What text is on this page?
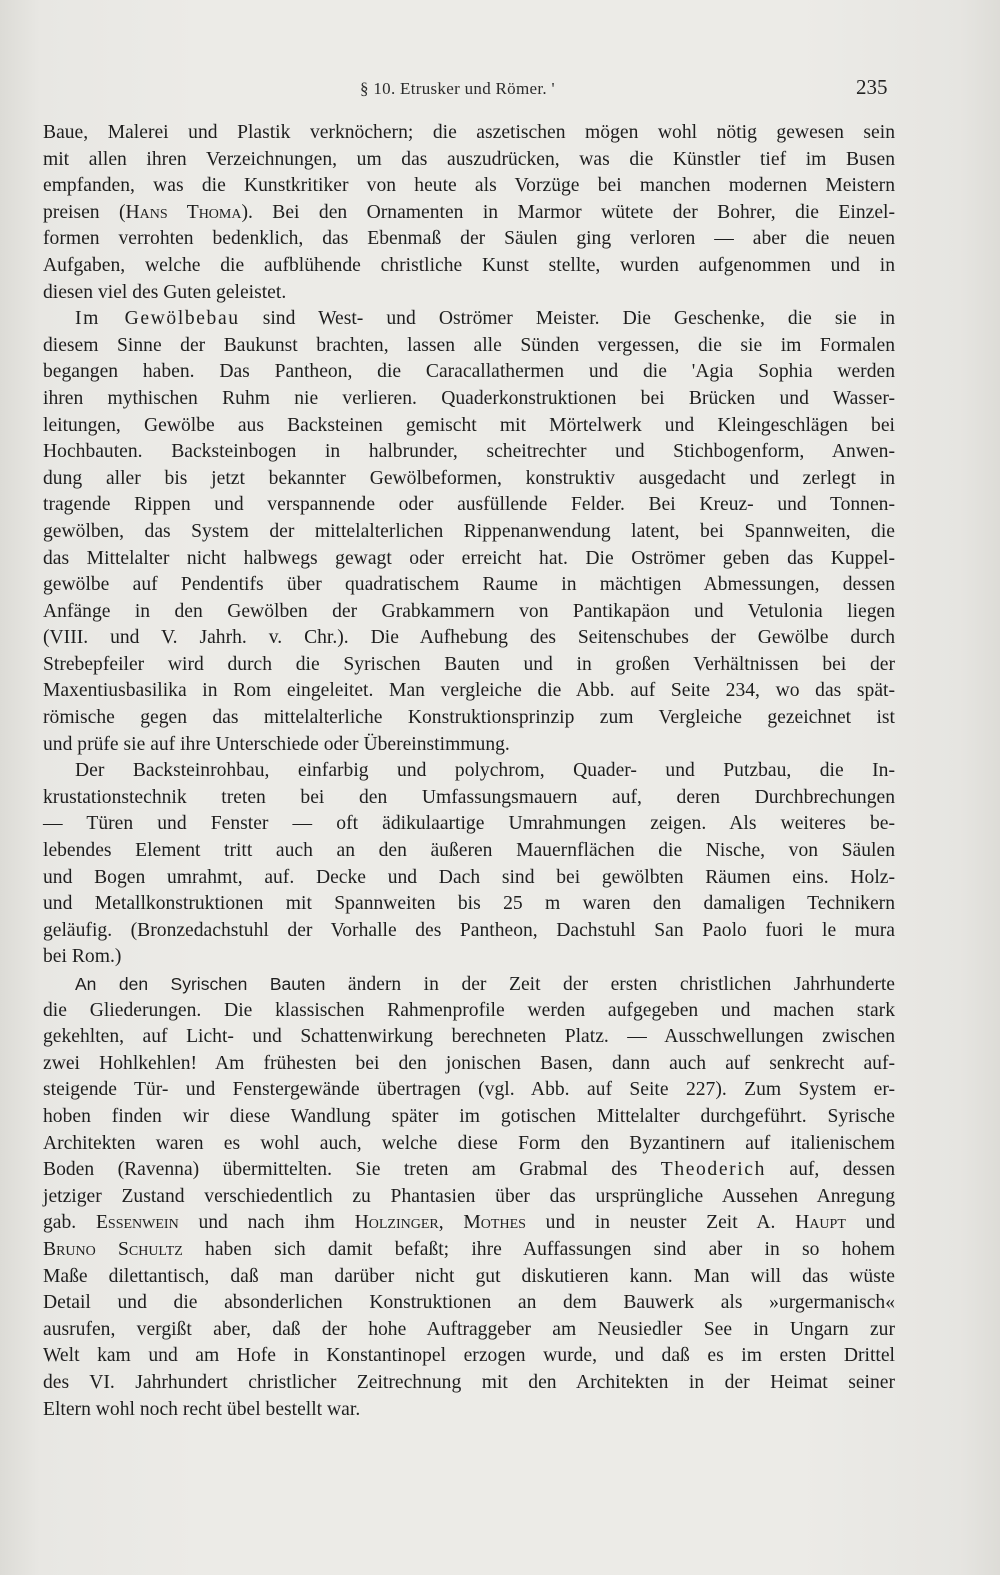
§ 10. Etrusker und Römer. '	235
Baue, Malerei und Plastik verknöchern; die aszetischen mögen wohl nötig gewesen sein
mit allen ihren Verzeichnungen, um das auszudrücken, was die Künstler tief im Busen
empfanden, was die Kunstkritiker von heute als Vorzüge bei manchen modernen Meistern
preisen (Hans Thoma). Bei den Ornamenten in Marmor wütete der Bohrer, die Einzel-
formen verrohten bedenklich, das Ebenmaß der Säulen ging verloren — aber die neuen
Aufgaben, welche die aufblühende christliche Kunst stellte, wurden aufgenommen und in
diesen viel des Guten geleistet.
Im Gewölbebau sind West- und Oströmer Meister. Die Geschenke, die sie in
diesem Sinne der Baukunst brachten, lassen alle Sünden vergessen, die sie im Formalen
begangen haben. Das Pantheon, die Caracallathermen und die 'Agia Sophia werden
ihren mythischen Ruhm nie verlieren. Quaderkonstruktionen bei Brücken und Wasser-
leitungen, Gewölbe aus Backsteinen gemischt mit Mörtelwerk und Kleingeschlägen bei
Hochbauten. Backsteinbogen in halbrunder, scheitrechter und Stichbogenform, Anwen-
dung aller bis jetzt bekannter Gewölbeformen, konstruktiv ausgedacht und zerlegt in
tragende Rippen und verspannende oder ausfüllende Felder. Bei Kreuz- und Tonnen-
gewölben, das System der mittelalterlichen Rippenanwendung latent, bei Spannweiten, die
das Mittelalter nicht halbwegs gewagt oder erreicht hat. Die Oströmer geben das Kuppel-
gewölbe auf Pendentifs über quadratischem Raume in mächtigen Abmessungen, dessen
Anfänge in den Gewölben der Grabkammern von Pantikapäon und Vetulonia liegen
(VIII. und V. Jahrh. v. Chr.). Die Aufhebung des Seitenschubes der Gewölbe durch
Strebepfeiler wird durch die Syrischen Bauten und in großen Verhältnissen bei der
Maxentiusbasilika in Rom eingeleitet. Man vergleiche die Abb. auf Seite 234, wo das spät-
römische gegen das mittelalterliche Konstruktionsprinzip zum Vergleiche gezeichnet ist
und prüfe sie auf ihre Unterschiede oder Übereinstimmung.
Der Backsteinrohbau, einfarbig und polychrom, Quader- und Putzbau, die In-
krustationstechnik treten bei den Umfassungsmauern auf, deren Durchbrechungen
— Türen und Fenster — oft ädikulaartige Umrahmungen zeigen. Als weiteres be-
lebendes Element tritt auch an den äußeren Mauernflächen die Nische, von Säulen
und Bogen umrahmt, auf. Decke und Dach sind bei gewölbten Räumen eins. Holz-
und Metallkonstruktionen mit Spannweiten bis 25 m waren den damaligen Technikern
geläufig. (Bronzedachstuhl der Vorhalle des Pantheon, Dachstuhl San Paolo fuori le mura
bei Rom.)
An den Syrischen Bauten ändern in der Zeit der ersten christlichen Jahrhunderte
die Gliederungen. Die klassischen Rahmenprofile werden aufgegeben und machen stark
gekehlten, auf Licht- und Schattenwirkung berechneten Platz. — Ausschwellungen zwischen
zwei Hohlkehlen! Am frühesten bei den jonischen Basen, dann auch auf senkrecht auf-
steigende Tür- und Fenstergewände übertragen (vgl. Abb. auf Seite 227). Zum System er-
hoben finden wir diese Wandlung später im gotischen Mittelalter durchgeführt. Syrische
Architekten waren es wohl auch, welche diese Form den Byzantinern auf italienischem
Boden (Ravenna) übermittelten. Sie treten am Grabmal des Theoderich auf, dessen
jetziger Zustand verschiedentlich zu Phantasien über das ursprüngliche Aussehen Anregung
gab. Essenwein und nach ihm Holzinger, Mothes und in neuster Zeit A. Haupt und
Bruno Schultz haben sich damit befaßt; ihre Auffassungen sind aber in so hohem
Maße dilettantisch, daß man darüber nicht gut diskutieren kann. Man will das wüste
Detail und die absonderlichen Konstruktionen an dem Bauwerk als »urgermanisch«
ausrufen, vergißt aber, daß der hohe Auftraggeber am Neusiedler See in Ungarn zur
Welt kam und am Hofe in Konstantinopel erzogen wurde, und daß es im ersten Drittel
des VI. Jahrhundert christlicher Zeitrechnung mit den Architekten in der Heimat seiner
Eltern wohl noch recht übel bestellt war.
